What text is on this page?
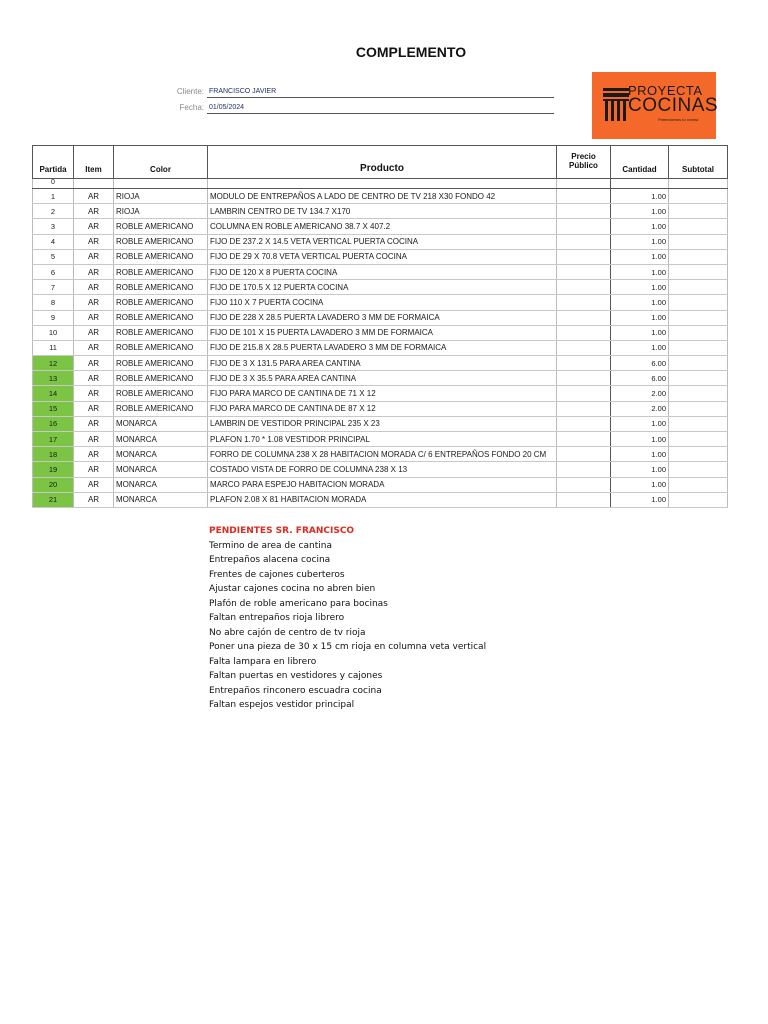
COMPLEMENTO
Cliente: FRANCISCO JAVIER
Fecha: 01/05/2024
PROYECTA
COCINAS
Potenciamos tu cocina
Partida	Item	Color	Producto	Precio Público	Cantidad	Subtotal
0						
1	AR	RIOJA	MODULO DE ENTREPAÑOS A LADO DE CENTRO DE TV 218 X30 FONDO 42		1.00	
2	AR	RIOJA	LAMBRIN CENTRO DE TV 134.7 X170		1.00	
3	AR	ROBLE AMERICANO	COLUMNA EN ROBLE AMERICANO 38.7 X 407.2		1.00	
4	AR	ROBLE AMERICANO	FIJO DE 237.2 X 14.5 VETA VERTICAL PUERTA COCINA		1.00	
5	AR	ROBLE AMERICANO	FIJO DE 29 X 70.8 VETA VERTICAL PUERTA COCINA		1.00	
6	AR	ROBLE AMERICANO	FIJO DE 120 X 8 PUERTA COCINA		1.00	
7	AR	ROBLE AMERICANO	FIJO DE 170.5 X 12 PUERTA COCINA		1.00	
8	AR	ROBLE AMERICANO	FIJO 110 X 7 PUERTA COCINA		1.00	
9	AR	ROBLE AMERICANO	FIJO DE 228 X 28.5 PUERTA LAVADERO 3 MM DE FORMAICA		1.00	
10	AR	ROBLE AMERICANO	FIJO DE 101 X 15 PUERTA LAVADERO 3 MM DE FORMAICA		1.00	
11	AR	ROBLE AMERICANO	FIJO DE 215.8 X 28.5 PUERTA LAVADERO 3 MM DE FORMAICA		1.00	
12	AR	ROBLE AMERICANO	FIJO DE 3 X 131.5 PARA AREA CANTINA		6.00	
13	AR	ROBLE AMERICANO	FIJO DE 3 X 35.5 PARA AREA CANTINA		6.00	
14	AR	ROBLE AMERICANO	FIJO PARA MARCO DE CANTINA DE 71 X 12		2.00	
15	AR	ROBLE AMERICANO	FIJO PARA MARCO DE CANTINA DE 87 X 12		2.00	
16	AR	MONARCA	LAMBRIN DE VESTIDOR PRINCIPAL 235 X 23		1.00	
17	AR	MONARCA	PLAFON 1.70 * 1.08 VESTIDOR PRINCIPAL		1.00	
18	AR	MONARCA	FORRO DE COLUMNA 238 X 28 HABITACION MORADA C/ 6 ENTREPAÑOS FONDO 20 CM		1.00	
19	AR	MONARCA	COSTADO VISTA DE FORRO DE COLUMNA 238 X 13		1.00	
20	AR	MONARCA	MARCO PARA ESPEJO HABITACION MORADA		1.00	
21	AR	MONARCA	PLAFON 2.08 X 81 HABITACION MORADA		1.00	
PENDIENTES SR. FRANCISCO
Termino de area de cantina
Entrepaños alacena cocina
Frentes de cajones cuberteros
Ajustar cajones cocina no abren bien
Plafón de roble americano para bocinas
Faltan entrepaños rioja librero
No abre cajón de centro de tv rioja
Poner una pieza de 30 x 15 cm rioja en columna veta vertical
Falta lampara en librero
Faltan puertas en vestidores y cajones
Entrepaños rinconero escuadra cocina
Faltan espejos vestidor principal
